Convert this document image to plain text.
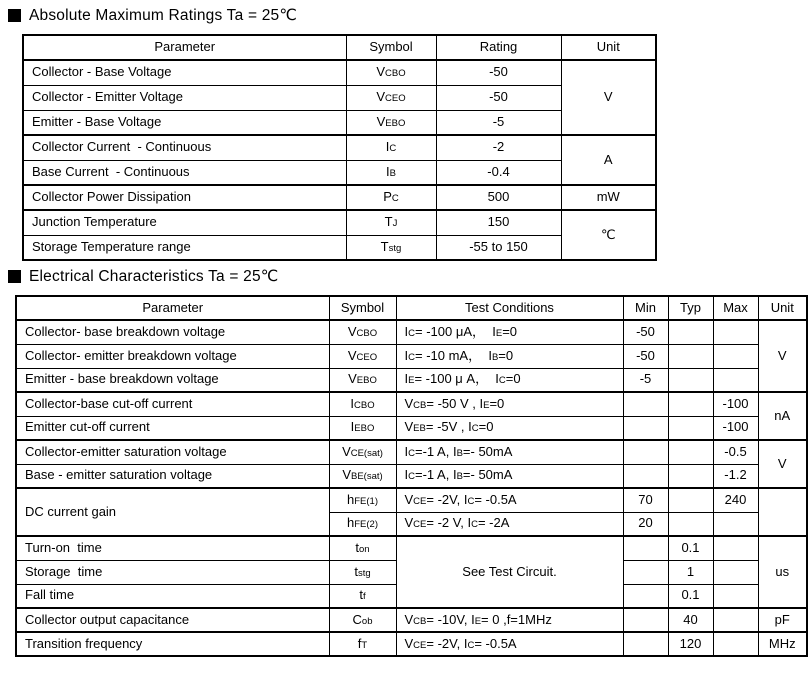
Absolute Maximum Ratings Ta = 25℃
Parameter	Symbol	Rating	Unit
Collector - Base Voltage	VCBO	-50	V
Collector - Emitter Voltage	VCEO	-50	
Emitter - Base Voltage	VEBO	-5	
Collector Current  - Continuous	IC	-2	A
Base Current  - Continuous	IB	-0.4	
Collector Power Dissipation	PC	500	mW
Junction Temperature	TJ	150	℃
Storage Temperature range	Tstg	-55 to 150	
Electrical Characteristics Ta = 25℃
Parameter	Symbol	Test Conditions	Min	Typ	Max	Unit
Collector- base breakdown voltage	VCBO	IC= -100 μA，  IE=0	-50			V
Collector- emitter breakdown voltage	VCEO	IC= -10 mA，  IB=0	-50			
Emitter - base breakdown voltage	VEBO	IE= -100 μ A，  IC=0	-5			
Collector-base cut-off current	ICBO	VCB= -50 V , IE=0			-100	nA
Emitter cut-off current	IEBO	VEB= -5V , IC=0			-100	
Collector-emitter saturation voltage	VCE(sat)	IC=-1 A, IB=- 50mA			-0.5	V
Base - emitter saturation voltage	VBE(sat)	IC=-1 A, IB=- 50mA			-1.2	
DC current gain	hFE(1)	VCE= -2V, IC= -0.5A	70		240	
	hFE(2)	VCE= -2 V, IC= -2A	20			
Turn-on  time	ton	See Test Circuit.		0.1		us
Storage  time	tstg			1		
Fall time	tf			0.1		
Collector output capacitance	Cob	VCB= -10V, IE= 0 ,f=1MHz		40		pF
Transition frequency	fT	VCE= -2V, IC= -0.5A		120		MHz
